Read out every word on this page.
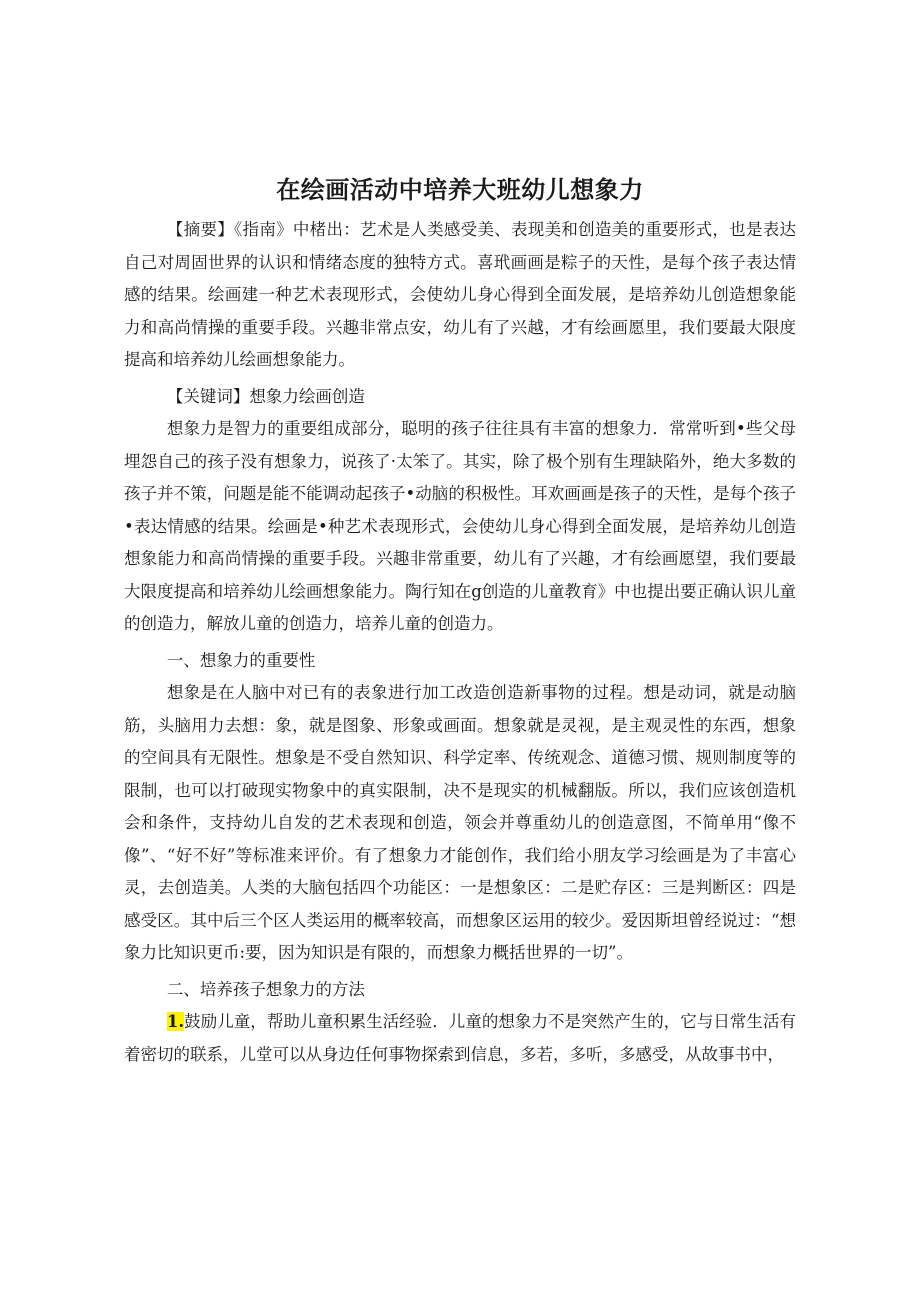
在绘画活动中培养大班幼儿想象力

【摘要】《指南》中楮出：艺术是人类感受美、表现美和创造美的重要形式，也是表达自己对周固世界的认识和情绪态度的独特方式。喜玳画画是粽子的天性，是每个孩子表达情感的结果。绘画建一种艺术表现形式，会使幼儿身心得到全面发展，是培养幼儿创造想象能力和高尚情操的重要手段。兴趣非常点安，幼儿有了兴越，才有绘画愿里，我们要最大限度提高和培养幼儿绘画想象能力。

【关键词】想象力绘画创造

想象力是智力的重要组成部分，聪明的孩子往往具有丰富的想象力．常常听到•些父母埋怨自己的孩子没有想象力，说孩了·太笨了。其实，除了极个别有生理缺陷外，绝大多数的孩子并不策，问题是能不能调动起孩子•动脑的积极性。耳欢画画是孩子的天性，是每个孩子•表达情感的结果。绘画是•种艺术表现形式，会使幼儿身心得到全面发展，是培养幼儿创造想象能力和高尚情操的重要手段。兴趣非常重要，幼儿有了兴趣，才有绘画愿望，我们要最大限度提高和培养幼儿绘画想象能力。陶行知在g创造的儿童教育》中也提出要正确认识儿童的创造力，解放儿童的创造力，培养儿童的创造力。

一、想象力的重要性

想象是在人脑中对已有的表象进行加工改造创造新事物的过程。想是动词，就是动脑筋，头脑用力去想：象，就是图象、形象或画面。想象就是灵视，是主观灵性的东西，想象的空间具有无限性。想象是不受自然知识、科学定率、传统观念、道德习惯、规则制度等的限制，也可以打破现实物象中的真实限制，决不是现实的机械翻版。所以，我们应该创造机会和条件，支持幼儿自发的艺术表现和创造，领会并尊重幼儿的创造意图，不简单用“像不像”、“好不好”等标准来评价。有了想象力才能创作，我们给小朋友学习绘画是为了丰富心灵，去创造美。人类的大脑包括四个功能区：一是想象区：二是贮存区：三是判断区：四是感受区。其中后三个区人类运用的概率较高，而想象区运用的较少。爱因斯坦曾经说过：“想象力比知识更币:要，因为知识是有限的，而想象力概括世界的一切”。

二、培养孩子想象力的方法

1.鼓励儿童，帮助儿童积累生活经验．儿童的想象力不是突然产生的，它与日常生活有着密切的联系，儿堂可以从身边任何事物探索到信息，多若，多听，多感受，从故事书中，
